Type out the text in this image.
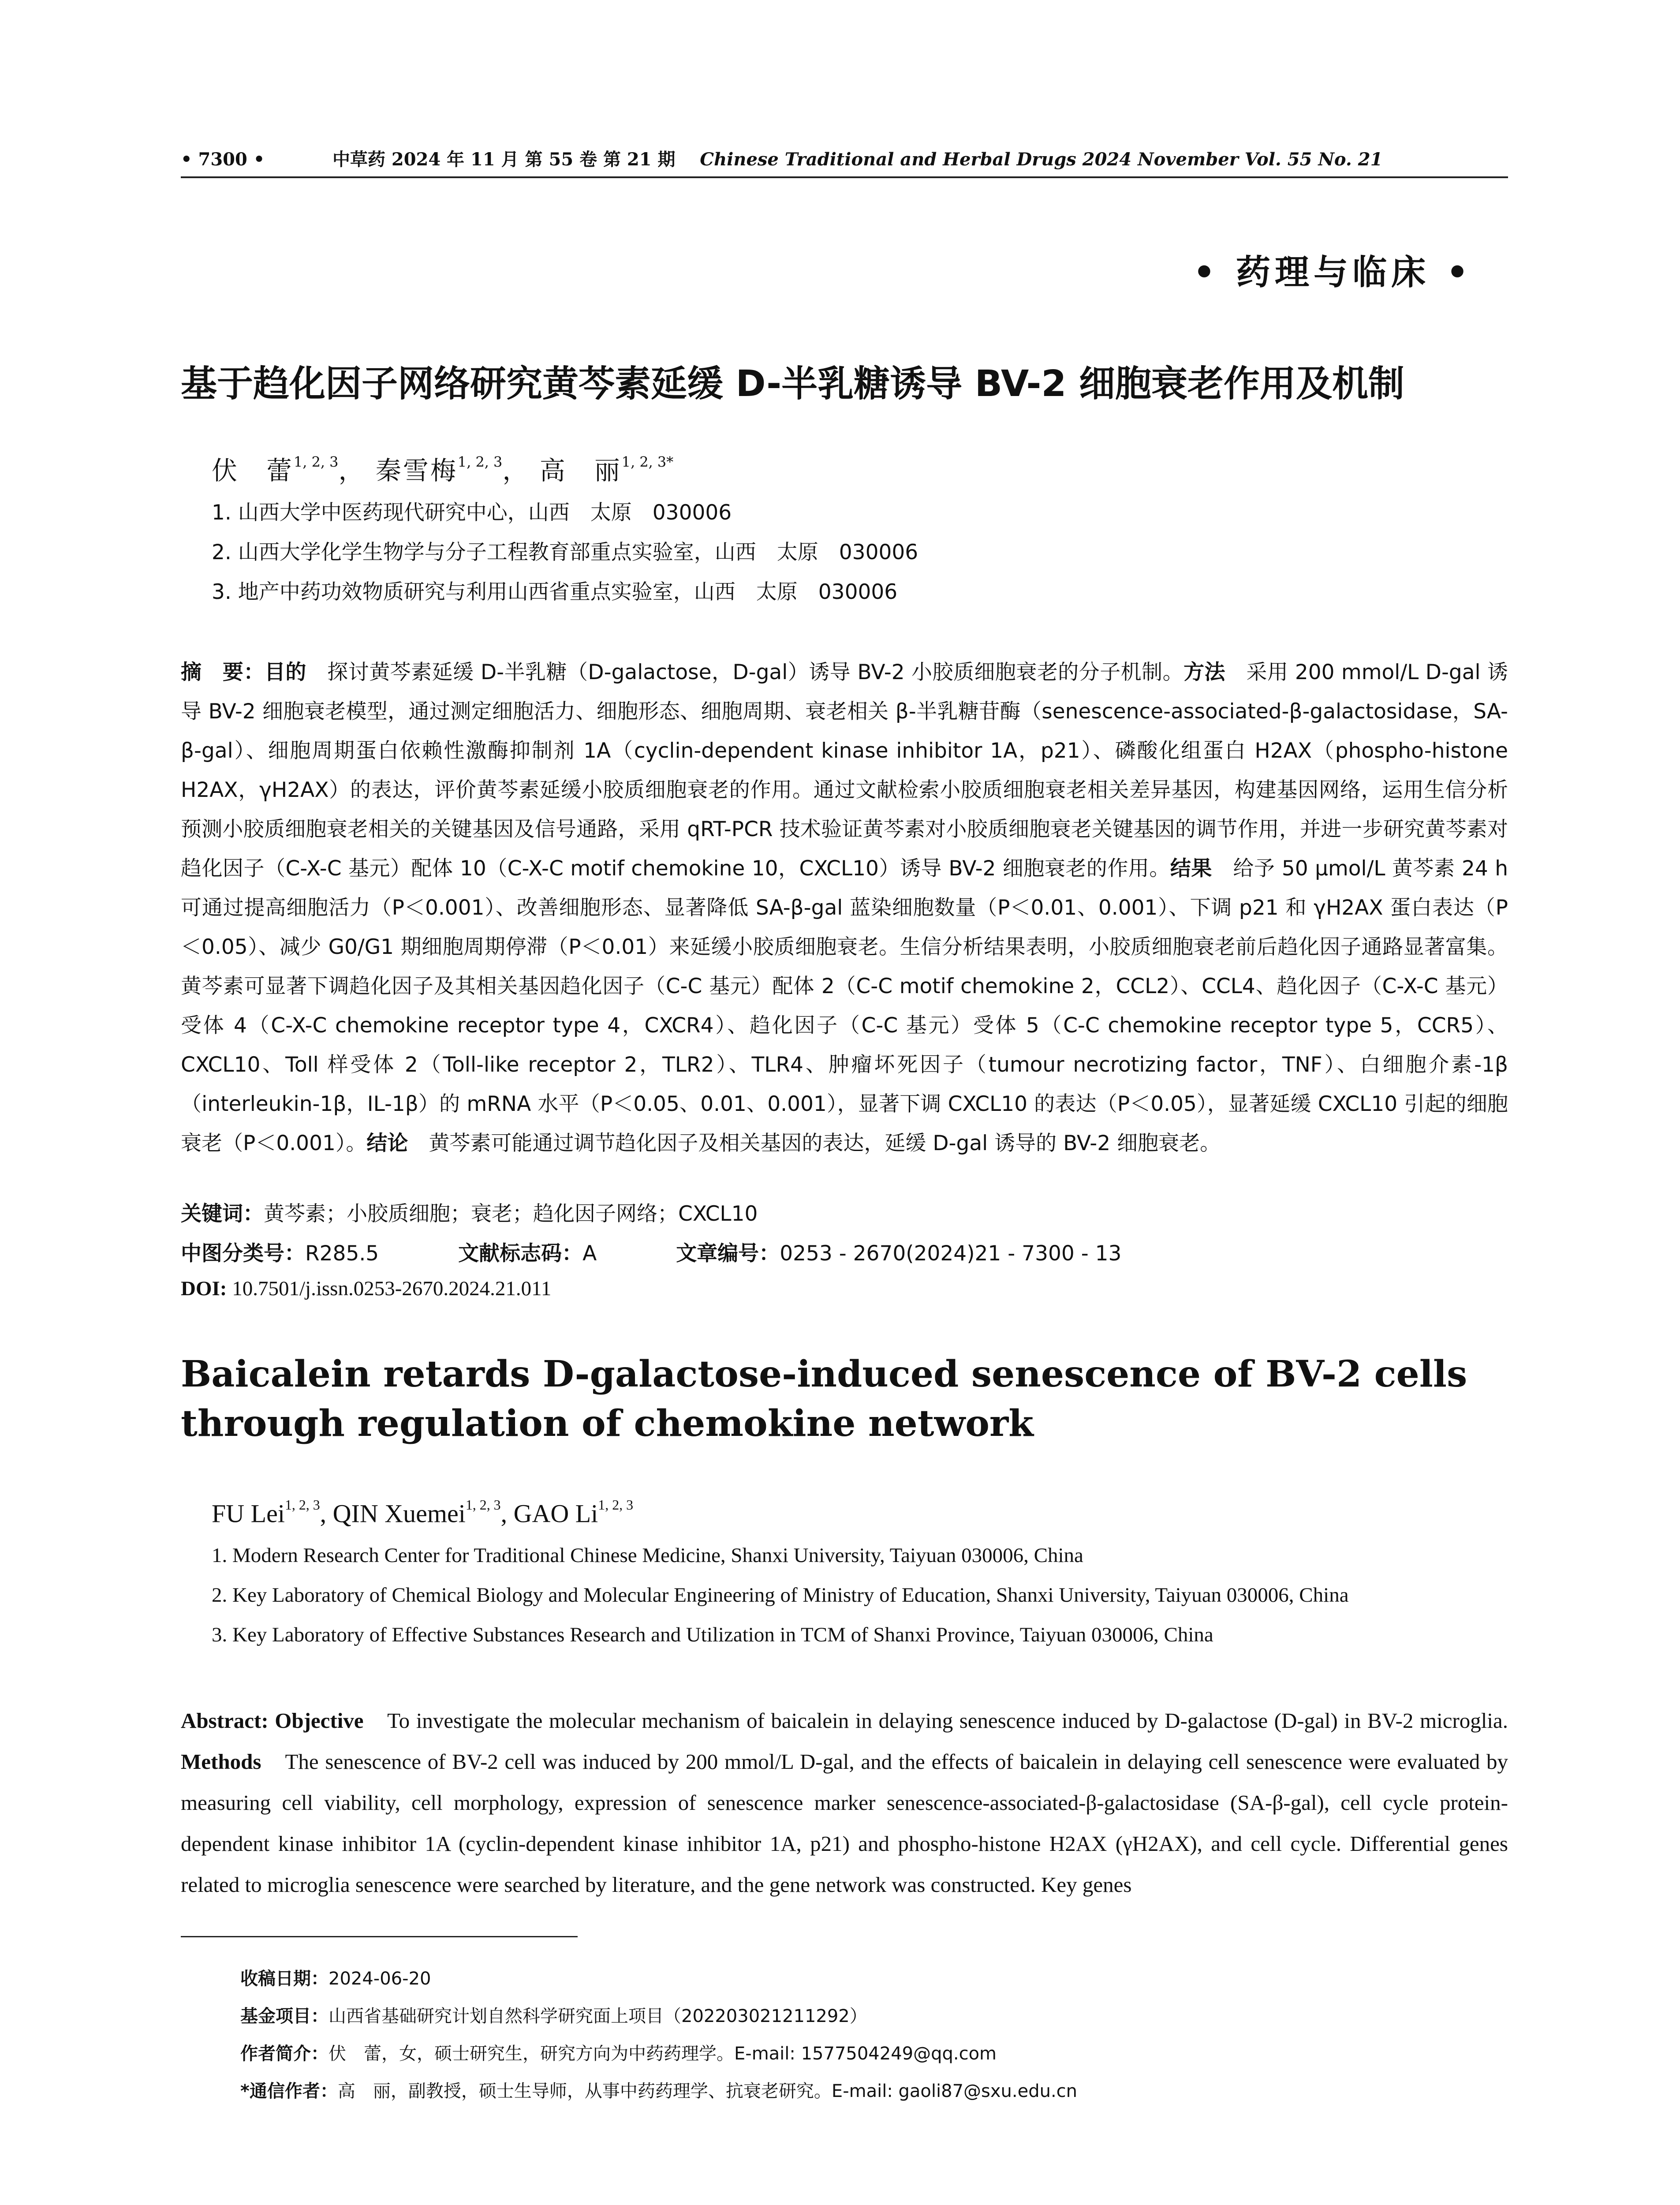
• 7300 •	中草药 2024 年 11 月 第 55 卷 第 21 期 Chinese Traditional and Herbal Drugs 2024 November Vol. 55 No. 21
• 药理与临床 •
基于趋化因子网络研究黄芩素延缓 D-半乳糖诱导 BV-2 细胞衰老作用及机制
伏　蕾$^{1, 2, 3}$， 秦雪梅$^{1, 2, 3}$， 高　丽$^{1, 2, 3*}$
1. 山西大学中医药现代研究中心，山西　太原　030006
2. 山西大学化学生物学与分子工程教育部重点实验室，山西　太原　030006
3. 地产中药功效物质研究与利用山西省重点实验室，山西　太原　030006
摘　要：目的　探讨黄芩素延缓 D-半乳糖（D-galactose，D-gal）诱导 BV-2 小胶质细胞衰老的分子机制。方法　采用 200 mmol/L D-gal 诱导 BV-2 细胞衰老模型，通过测定细胞活力、细胞形态、细胞周期、衰老相关 β-半乳糖苷酶（senescence-associated-β-galactosidase，SA-β-gal）、细胞周期蛋白依赖性激酶抑制剂 1A（cyclin-dependent kinase inhibitor 1A，p21）、磷酸化组蛋白 H2AX（phospho-histone H2AX，γH2AX）的表达，评价黄芩素延缓小胶质细胞衰老的作用。通过文献检索小胶质细胞衰老相关差异基因，构建基因网络，运用生信分析预测小胶质细胞衰老相关的关键基因及信号通路，采用 qRT-PCR 技术验证黄芩素对小胶质细胞衰老关键基因的调节作用，并进一步研究黄芩素对趋化因子（C-X-C 基元）配体 10（C-X-C motif chemokine 10，CXCL10）诱导 BV-2 细胞衰老的作用。结果　给予 50 μmol/L 黄芩素 24 h 可通过提高细胞活力（P＜0.001）、改善细胞形态、显著降低 SA-β-gal 蓝染细胞数量（P＜0.01、0.001）、下调 p21 和 γH2AX 蛋白表达（P＜0.05）、减少 G0/G1 期细胞周期停滞（P＜0.01）来延缓小胶质细胞衰老。生信分析结果表明，小胶质细胞衰老前后趋化因子通路显著富集。黄芩素可显著下调趋化因子及其相关基因趋化因子（C-C 基元）配体 2（C-C motif chemokine 2，CCL2）、CCL4、趋化因子（C-X-C 基元）受体 4（C-X-C chemokine receptor type 4，CXCR4）、趋化因子（C-C 基元）受体 5（C-C chemokine receptor type 5，CCR5）、CXCL10、Toll 样受体 2（Toll-like receptor 2，TLR2）、TLR4、肿瘤坏死因子（tumour necrotizing factor，TNF）、白细胞介素-1β（interleukin-1β，IL-1β）的 mRNA 水平（P＜0.05、0.01、0.001），显著下调 CXCL10 的表达（P＜0.05），显著延缓 CXCL10 引起的细胞衰老（P＜0.001）。结论　黄芩素可能通过调节趋化因子及相关基因的表达，延缓 D-gal 诱导的 BV-2 细胞衰老。
关键词：黄芩素；小胶质细胞；衰老；趋化因子网络；CXCL10
中图分类号：R285.5	文献标志码：A	文章编号：0253 - 2670(2024)21 - 7300 - 13
DOI: 10.7501/j.issn.0253-2670.2024.21.011
Baicalein retards D-galactose-induced senescence of BV-2 cells through regulation of chemokine network
FU Lei$^{1, 2, 3}$, QIN Xuemei$^{1, 2, 3}$, GAO Li$^{1, 2, 3}$
1. Modern Research Center for Traditional Chinese Medicine, Shanxi University, Taiyuan 030006, China
2. Key Laboratory of Chemical Biology and Molecular Engineering of Ministry of Education, Shanxi University, Taiyuan 030006, China
3. Key Laboratory of Effective Substances Research and Utilization in TCM of Shanxi Province, Taiyuan 030006, China
Abstract: Objective　To investigate the molecular mechanism of baicalein in delaying senescence induced by D-galactose (D-gal) in BV-2 microglia. Methods　The senescence of BV-2 cell was induced by 200 mmol/L D-gal, and the effects of baicalein in delaying cell senescence were evaluated by measuring cell viability, cell morphology, expression of senescence marker senescence-associated-β-galactosidase (SA-β-gal), cell cycle protein-dependent kinase inhibitor 1A (cyclin-dependent kinase inhibitor 1A, p21) and phospho-histone H2AX (γH2AX), and cell cycle. Differential genes related to microglia senescence were searched by literature, and the gene network was constructed. Key genes
收稿日期：2024-06-20
基金项目：山西省基础研究计划自然科学研究面上项目（202203021211292）
作者简介：伏　蕾，女，硕士研究生，研究方向为中药药理学。E-mail: 1577504249@qq.com
*通信作者：高　丽，副教授，硕士生导师，从事中药药理学、抗衰老研究。E-mail: gaoli87@sxu.edu.cn
